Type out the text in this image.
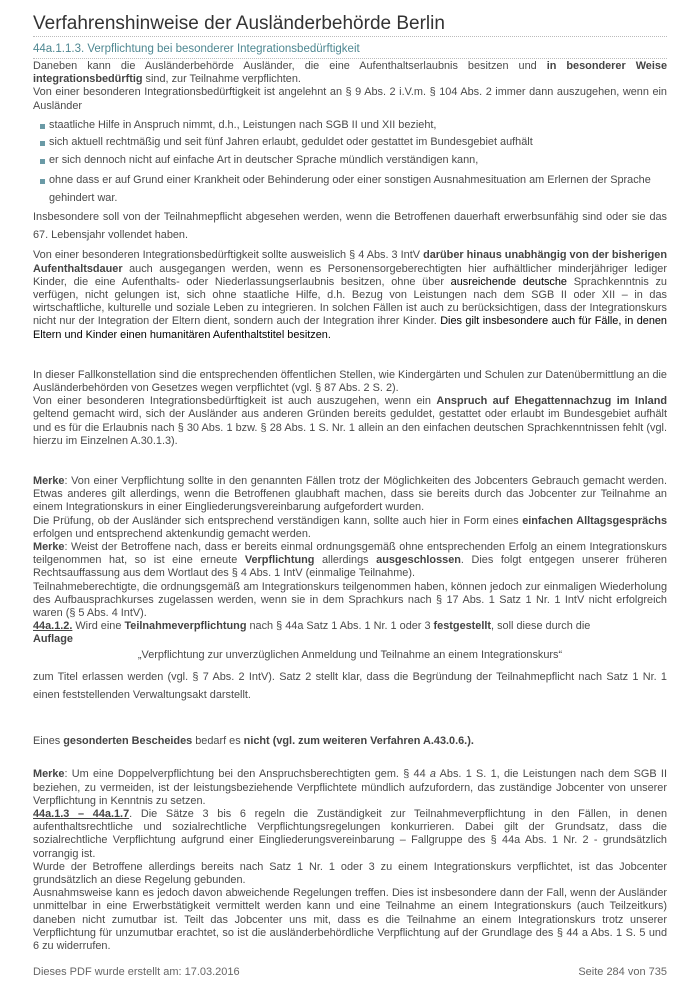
Verfahrenshinweise der Ausländerbehörde Berlin
44a.1.1.3. Verpflichtung bei besonderer Integrationsbedürftigkeit

Daneben kann die Ausländerbehörde Ausländer, die eine Aufenthaltserlaubnis besitzen und in besonderer Weise integrationsbedürftig sind, zur Teilnahme verpflichten.

Von einer besonderen Integrationsbedürftigkeit ist angelehnt an § 9 Abs. 2 i.V.m. § 104 Abs. 2 immer dann auszugehen, wenn ein Ausländer

staatliche Hilfe in Anspruch nimmt, d.h., Leistungen nach SGB II und XII bezieht,
sich aktuell rechtmäßig und seit fünf Jahren erlaubt, geduldet oder gestattet im Bundesgebiet aufhält
er sich dennoch nicht auf einfache Art in deutscher Sprache mündlich verständigen kann,
ohne dass er auf Grund einer Krankheit oder Behinderung oder einer sonstigen Ausnahmesituation am Erlernen der Sprache gehindert war.

Insbesondere soll von der Teilnahmepflicht abgesehen werden, wenn die Betroffenen dauerhaft erwerbsunfähig sind oder sie das 67. Lebensjahr vollendet haben.

Von einer besonderen Integrationsbedürftigkeit sollte ausweislich § 4 Abs. 3 IntV darüber hinaus unabhängig von der bisherigen Aufenthaltsdauer auch ausgegangen werden, wenn es Personensorgeberechtigten hier aufhältlicher minderjähriger lediger Kinder, die eine Aufenthalts- oder Niederlassungserlaubnis besitzen, ohne über ausreichende deutsche Sprachkenntnis zu verfügen, nicht gelungen ist, sich ohne staatliche Hilfe, d.h. Bezug von Leistungen nach dem SGB II oder XII – in das wirtschaftliche, kulturelle und soziale Leben zu integrieren. In solchen Fällen ist auch zu berücksichtigen, dass der Integrationskurs nicht nur der Integration der Eltern dient, sondern auch der Integration ihrer Kinder. Dies gilt insbesondere auch für Fälle, in denen Eltern und Kinder einen humanitären Aufenthaltstitel besitzen.

In dieser Fallkonstellation sind die entsprechenden öffentlichen Stellen, wie Kindergärten und Schulen zur Datenübermittlung an die Ausländerbehörden von Gesetzes wegen verpflichtet (vgl. § 87 Abs. 2 S. 2).

Von einer besonderen Integrationsbedürftigkeit ist auch auszugehen, wenn ein Anspruch auf Ehegattennachzug im Inland geltend gemacht wird, sich der Ausländer aus anderen Gründen bereits geduldet, gestattet oder erlaubt im Bundesgebiet aufhält und es für die Erlaubnis nach § 30 Abs. 1 bzw. § 28 Abs. 1 S. Nr. 1 allein an den einfachen deutschen Sprachkenntnissen fehlt (vgl. hierzu im Einzelnen A.30.1.3).

Merke: Von einer Verpflichtung sollte in den genannten Fällen trotz der Möglichkeiten des Jobcenters Gebrauch gemacht werden. Etwas anderes gilt allerdings, wenn die Betroffenen glaubhaft machen, dass sie bereits durch das Jobcenter zur Teilnahme an einem Integrationskurs in einer Eingliederungsvereinbarung aufgefordert wurden.

Die Prüfung, ob der Ausländer sich entsprechend verständigen kann, sollte auch hier in Form eines einfachen Alltagsgesprächs erfolgen und entsprechend aktenkundig gemacht werden.

Merke: Weist der Betroffene nach, dass er bereits einmal ordnungsgemäß ohne entsprechenden Erfolg an einem Integrationskurs teilgenommen hat, so ist eine erneute Verpflichtung allerdings ausgeschlossen. Dies folgt entgegen unserer früheren Rechtsauffassung aus dem Wortlaut des § 4 Abs. 1 IntV (einmalige Teilnahme).

Teilnahmeberechtigte, die ordnungsgemäß am Integrationskurs teilgenommen haben, können jedoch zur einmaligen Wiederholung des Aufbausprachkurses zugelassen werden, wenn sie in dem Sprachkurs nach § 17 Abs. 1 Satz 1 Nr. 1 IntV nicht erfolgreich waren (§ 5 Abs. 4 IntV).

44a.1.2. Wird eine Teilnahmeverpflichtung nach § 44a Satz 1 Abs. 1 Nr. 1 oder 3 festgestellt, soll diese durch die
Auflage

„Verpflichtung zur unverzüglichen Anmeldung und Teilnahme an einem Integrationskurs“

zum Titel erlassen werden (vgl. § 7 Abs. 2 IntV). Satz 2 stellt klar, dass die Begründung der Teilnahmepflicht nach Satz 1 Nr. 1 einen feststellenden Verwaltungsakt darstellt.

Eines gesonderten Bescheides bedarf es nicht (vgl. zum weiteren Verfahren A.43.0.6.).

Merke: Um eine Doppelverpflichtung bei den Anspruchsberechtigten gem. § 44 a Abs. 1 S. 1, die Leistungen nach dem SGB II beziehen, zu vermeiden, ist der leistungsbeziehende Verpflichtete mündlich aufzufordern, das zuständige Jobcenter von unserer Verpflichtung in Kenntnis zu setzen.

44a.1.3 – 44a.1.7. Die Sätze 3 bis 6 regeln die Zuständigkeit zur Teilnahmeverpflichtung in den Fällen, in denen aufenthaltsrechtliche und sozialrechtliche Verpflichtungsregelungen konkurrieren. Dabei gilt der Grundsatz, dass die sozialrechtliche Verpflichtung aufgrund einer Eingliederungsvereinbarung – Fallgruppe des § 44a Abs. 1 Nr. 2 - grundsätzlich vorrangig ist.

Wurde der Betroffene allerdings bereits nach Satz 1 Nr. 1 oder 3 zu einem Integrationskurs verpflichtet, ist das Jobcenter grundsätzlich an diese Regelung gebunden.

Ausnahmsweise kann es jedoch davon abweichende Regelungen treffen. Dies ist insbesondere dann der Fall, wenn der Ausländer unmittelbar in eine Erwerbstätigkeit vermittelt werden kann und eine Teilnahme an einem Integrationskurs (auch Teilzeitkurs) daneben nicht zumutbar ist. Teilt das Jobcenter uns mit, dass es die Teilnahme an einem Integrationskurs trotz unserer Verpflichtung für unzumutbar erachtet, so ist die ausländerbehördliche Verpflichtung auf der Grundlage des § 44 a Abs. 1 S. 5 und 6 zu widerrufen.

Dieses PDF wurde erstellt am: 17.03.2016	Seite 284 von 735
